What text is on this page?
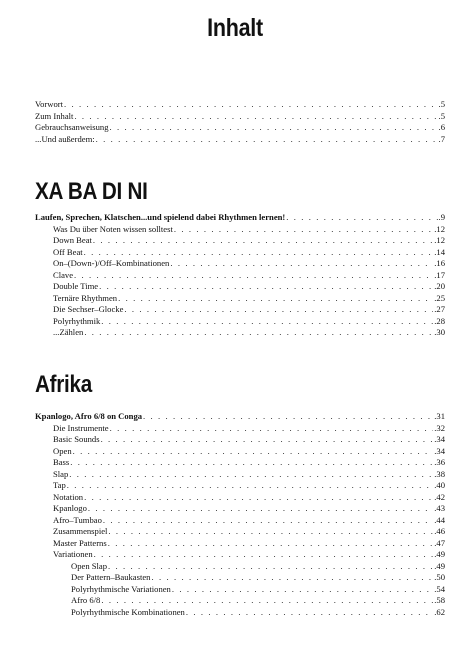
Inhalt
Vorwort . . .	.5
Zum Inhalt . . .	.5
Gebrauchsanweisung . . .	.6
...Und außerdem: . . .	.7
XA BA DI NI
Laufen, Sprechen, Klatschen...und spielend dabei Rhythmen lernen! . . .	.9
Was Du über Noten wissen solltest . . .	.12
Down Beat . . .	.12
Off Beat . . .	.14
On–(Down-)/Off–Kombinationen . . .	.16
Clave . . .	.17
Double Time . . .	.20
Ternäre Rhythmen . . .	.25
Die Sechser–Glocke . . .	.27
Polyrhythmik . . .	.28
...Zählen . . .	.30
Afrika
Kpanlogo, Afro 6/8 on Conga . . .	.31
Die Instrumente . . .	.32
Basic Sounds . . .	.34
Open . . .	.34
Bass . . .	.36
Slap . . .	.38
Tap . . .	.40
Notation . . .	.42
Kpanlogo . . .	.43
Afro–Tumbao . . .	.44
Zusammenspiel . . .	.46
Master Patterns . . .	.47
Variationen . . .	.49
Open Slap . . .	.49
Der Pattern–Baukasten . . .	.50
Polyrhythmische Variationen . . .	.54
Afro 6/8 . . .	.58
Polyrhythmische Kombinationen . . .	.62
